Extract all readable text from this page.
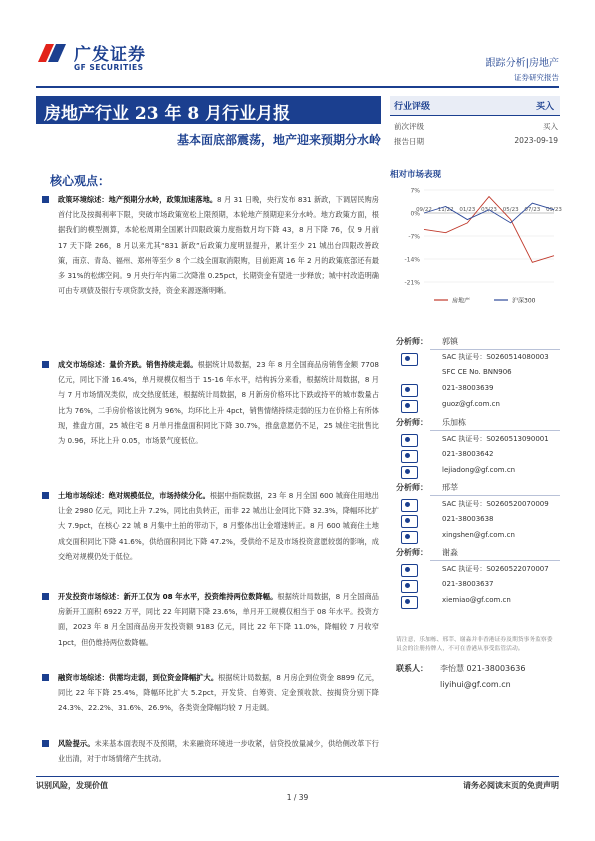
广发证券
GF SECURITIES	跟踪分析|房地产
证券研究报告
房地产行业 23 年 8 月行业月报
基本面底部震荡，地产迎来预期分水岭
行业评级	买入
前次评级	买入
报告日期	2023-09-19
核心观点：
政策环境综述：地产预期分水岭，政策加速落地。8 月 31 日晚，央行发布 831 新政，下调居民购房首付比及按揭利率下限，突破市场政策宽松上限预期，本轮地产预期迎来分水岭。地方政策方面，根据我们的模型测算，本轮松周期全国累计四限政策力度指数月均下降 43，8 月下降 76，仅 9 月前 17 天下降 266，8 月以来尤其“831 新政”后政策力度明显提升，累计至少 21 城出台四限改善政策，南京、青岛、福州、郑州等至少 8 个二线全面取消限购，目前距离 16 年 2 月的政策底部还有最多 31%的松绑空间。9 月央行年内第二次降准 0.25pct，长期资金有望进一步释放；城中村改造明确可由专项债及银行专项贷款支持，资金来源逐渐明晰。
成交市场综述：量价齐跌。销售持续走弱。根据统计局数据，23 年 8 月全国商品房销售金额 7708 亿元，同比下滑 16.4%，单月规模仅相当于 15-16 年水平，结构拆分来看，根据统计局数据，8 月与 7 月市场情况类似，成交热度低迷，根据统计局数据，8 月新房价格环比下跌或持平的城市数量占比为 76%，二手房价格该比例为 96%，均环比上升 4pct，销售情绪持续走弱的压力在价格上有所体现，推盘方面，25 城住宅 8 月单月推盘面积同比下降 30.7%，推盘意愿仍不足，25 城住宅批售比为 0.96，环比上升 0.05，市场景气度低位。
土地市场综述：绝对规模低位，市场持续分化。根据中指院数据，23 年 8 月全国 600 城商住用地出让金 2980 亿元，同比上升 7.2%，同比由负转正，而非 22 城出让金同比下降 32.3%，降幅环比扩大 7.9pct，在核心 22 城 8 月集中土拍的带动下，8 月整体出让金增速转正。8 月 600 城商住土地成交面积同比下降 41.6%，供给面积同比下降 47.2%，受供给不足及市场投资意愿较弱的影响，成交绝对规模仍处于低位。
开发投资市场综述：新开工仅为 08 年水平，投资维持两位数降幅。根据统计局数据，8 月全国商品房新开工面积 6922 万平，同比 22 年同期下降 23.6%，单月开工规模仅相当于 08 年水平。投资方面，2023 年 8 月全国商品房开发投资额 9183 亿元，同比 22 年下降 11.0%，降幅较 7 月收窄 1pct，但仍维持两位数降幅。
融资市场综述：供需均走弱，到位资金降幅扩大。根据统计局数据，8 月房企到位资金 8899 亿元，同比 22 年下降 25.4%，降幅环比扩大 5.2pct，开发贷、自筹资、定金预收款、按揭贷分别下降 24.3%、22.2%、31.6%、26.9%，各类资金降幅均较 7 月走阔。
风险提示。未来基本面表现不及预期，未来融资环境进一步收紧，信贷投放量减少，供给侧改革下行业出清，对于市场情绪产生扰动。
相对市场表现
7%
0%
-7%
-14%
-21%
09/22 11/22 01/23 03/23 05/23 07/23 09/23
房地产	沪深300
分析师： 郭镇
SAC 执证号：S0260514080003
SFC CE No. BNN906
021-38003639
guoz@gf.com.cn
分析师： 乐加栋
SAC 执证号：S0260513090001
021-38003642
lejiadong@gf.com.cn
分析师： 邢莘
SAC 执证号：S0260520070009
021-38003638
xingshen@gf.com.cn
分析师： 谢淼
SAC 执证号：S0260522070007
021-38003637
xiemiao@gf.com.cn
请注意，乐加栋、邢莘、谢淼并非香港证券及期货事务监察委员会的注册持牌人，不可在香港从事受监管活动。
联系人： 李怡慧 021-38003636
liyihui@gf.com.cn
识别风险，发现价值	请务必阅读末页的免责声明
1 / 39
